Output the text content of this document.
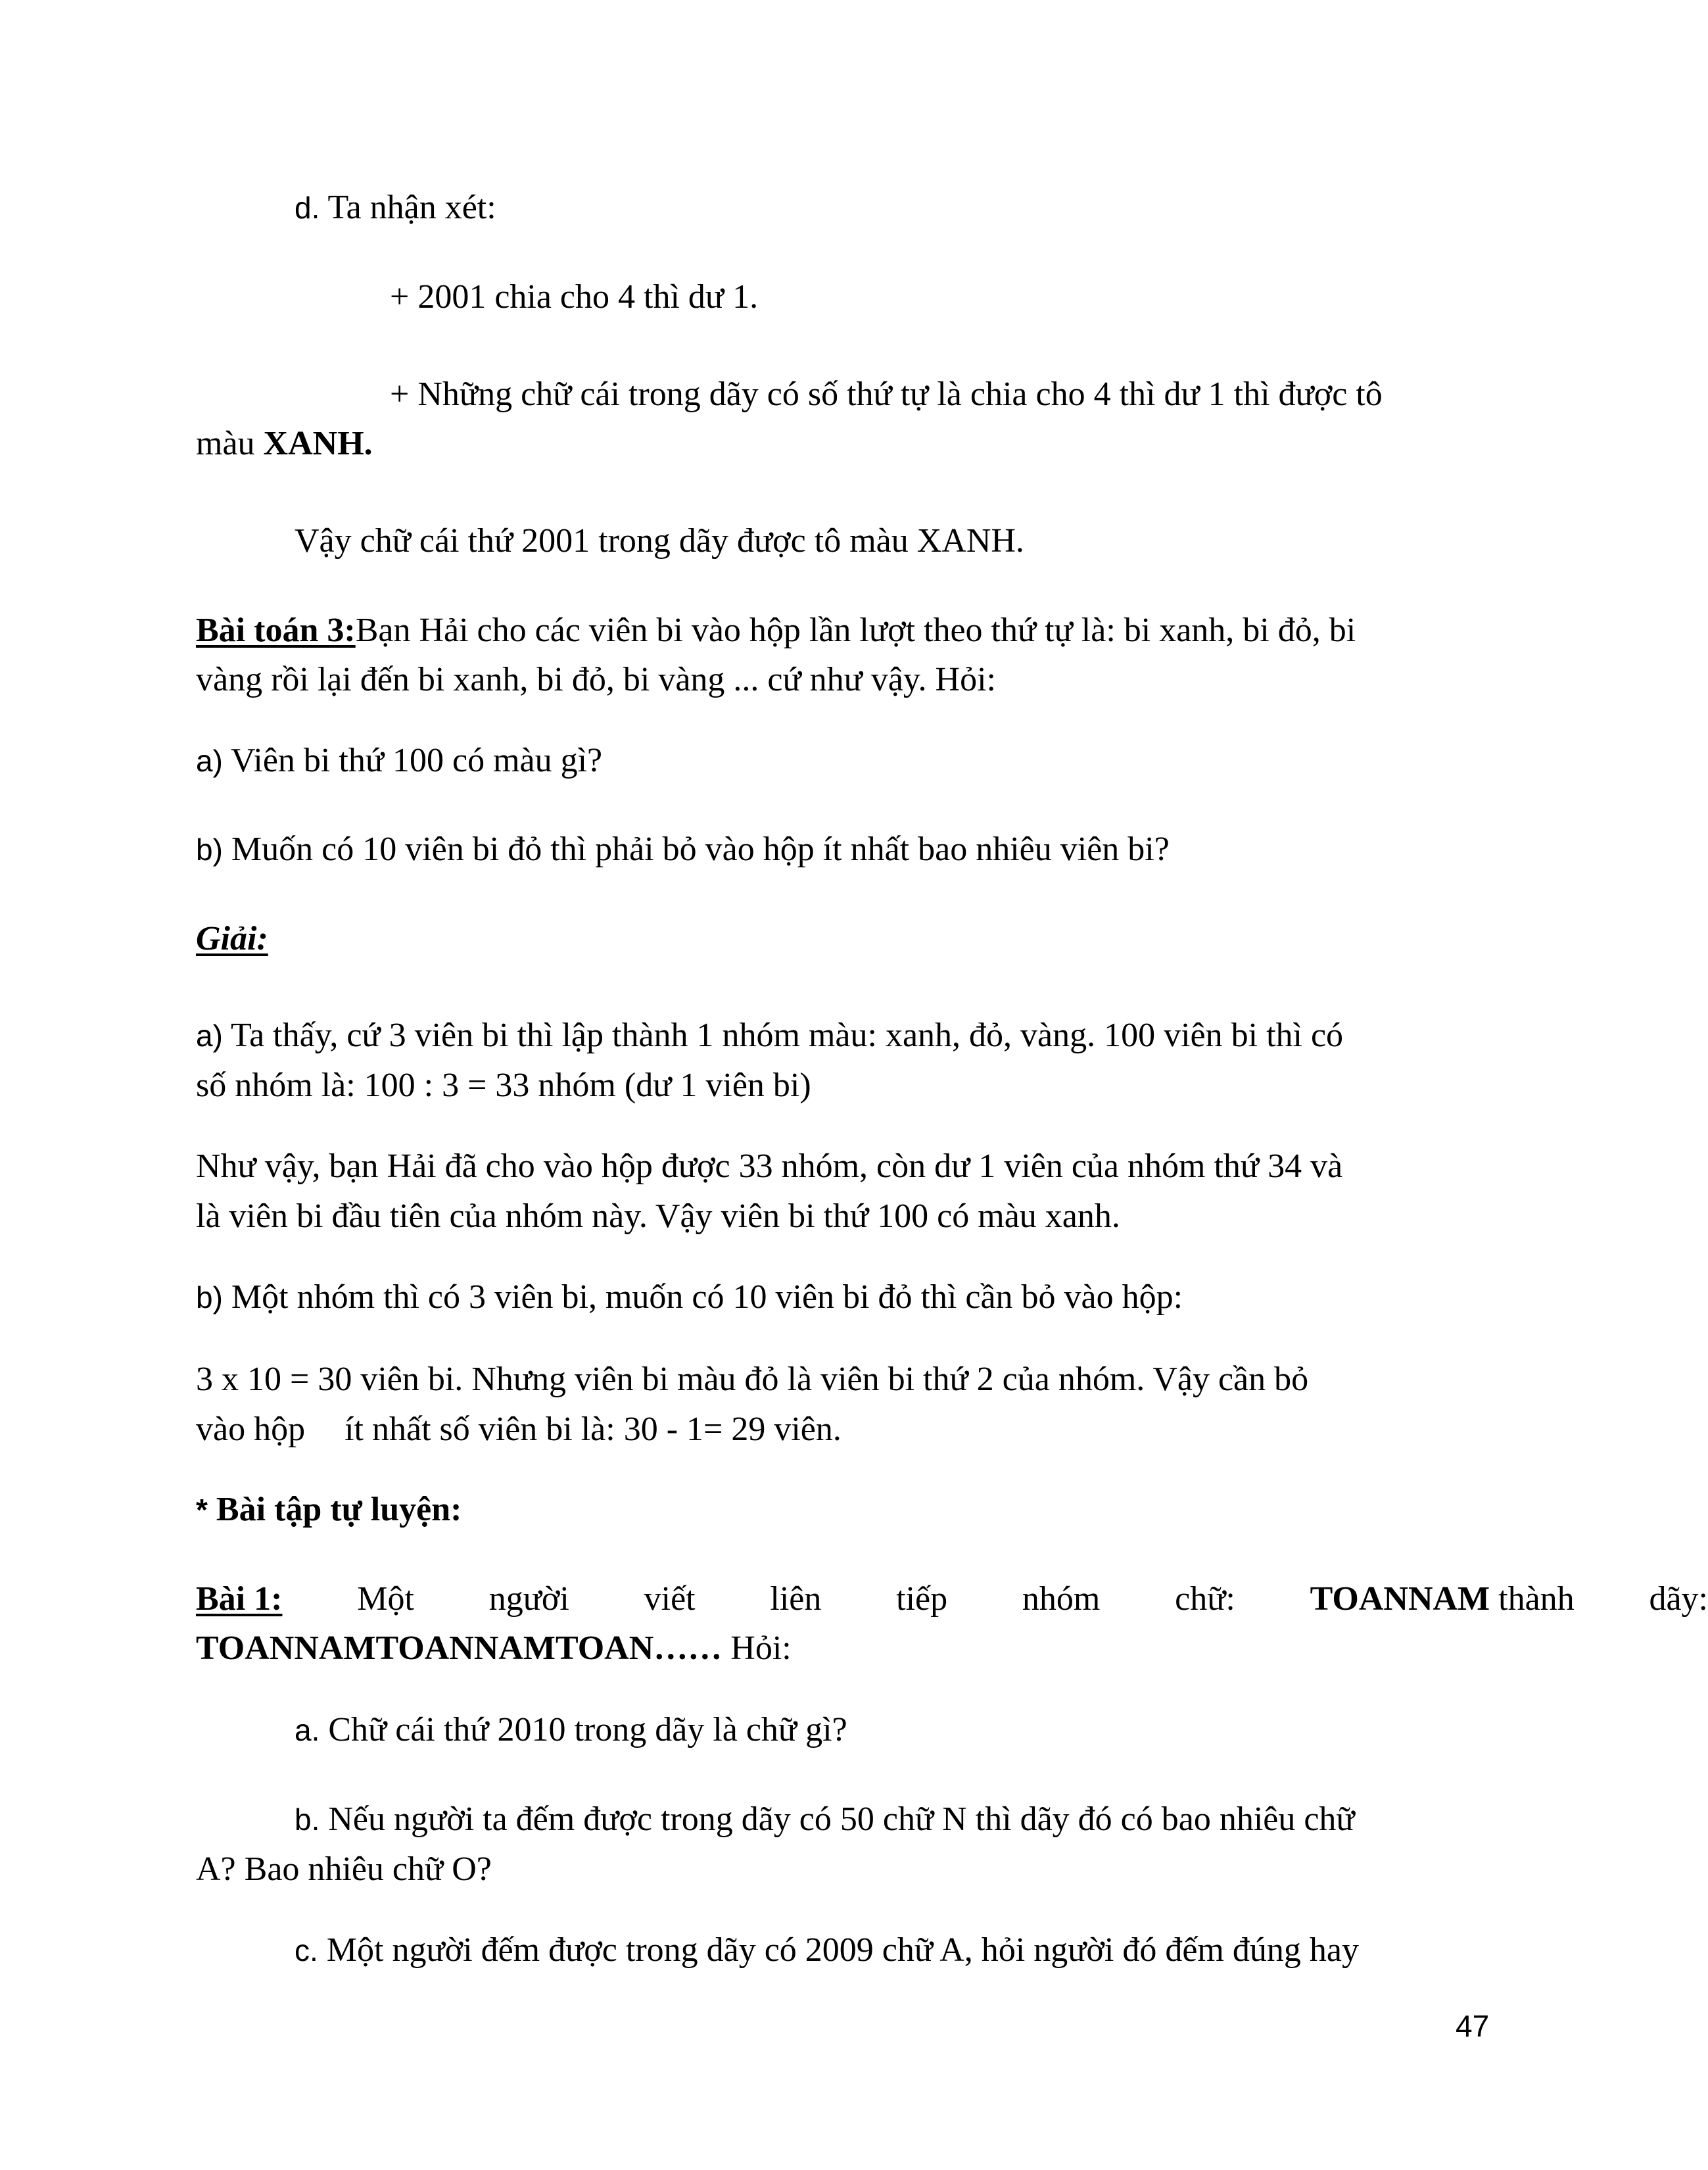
d. Ta nhận xét:
+ 2001 chia cho 4 thì dư 1.
+ Những chữ cái trong dãy có số thứ tự là chia cho 4 thì dư 1 thì được tô
màu XANH.
Vậy chữ cái thứ 2001 trong dãy được tô màu XANH.
Bài toán 3:Bạn Hải cho các viên bi vào hộp lần lượt theo thứ tự là: bi xanh, bi đỏ, bi
vàng rồi lại đến bi xanh, bi đỏ, bi vàng ... cứ như vậy. Hỏi:
a) Viên bi thứ 100 có màu gì?
b) Muốn có 10 viên bi đỏ thì phải bỏ vào hộp ít nhất bao nhiêu viên bi?
Giải:
a) Ta thấy, cứ 3 viên bi thì lập thành 1 nhóm màu: xanh, đỏ, vàng. 100 viên bi thì có
số nhóm là: 100 : 3 = 33 nhóm (dư 1 viên bi)
Như vậy, bạn Hải đã cho vào hộp được 33 nhóm, còn dư 1 viên của nhóm thứ 34 và
là viên bi đầu tiên của nhóm này. Vậy viên bi thứ 100 có màu xanh.
b) Một nhóm thì có 3 viên bi, muốn có 10 viên bi đỏ thì cần bỏ vào hộp:
3 x 10 = 30 viên bi. Nhưng viên bi màu đỏ là viên bi thứ 2 của nhóm. Vậy cần bỏ
vào hộp ít nhất số viên bi là: 30 - 1= 29 viên.
* Bài tập tự luyện:
Bài 1: Một người viết liên tiếp nhóm chữ: TOANNAM thành dãy:
TOANNAMTOANNAMTOAN…… Hỏi:
a. Chữ cái thứ 2010 trong dãy là chữ gì?
b. Nếu người ta đếm được trong dãy có 50 chữ N thì dãy đó có bao nhiêu chữ
A? Bao nhiêu chữ O?
c. Một người đếm được trong dãy có 2009 chữ A, hỏi người đó đếm đúng hay
47
